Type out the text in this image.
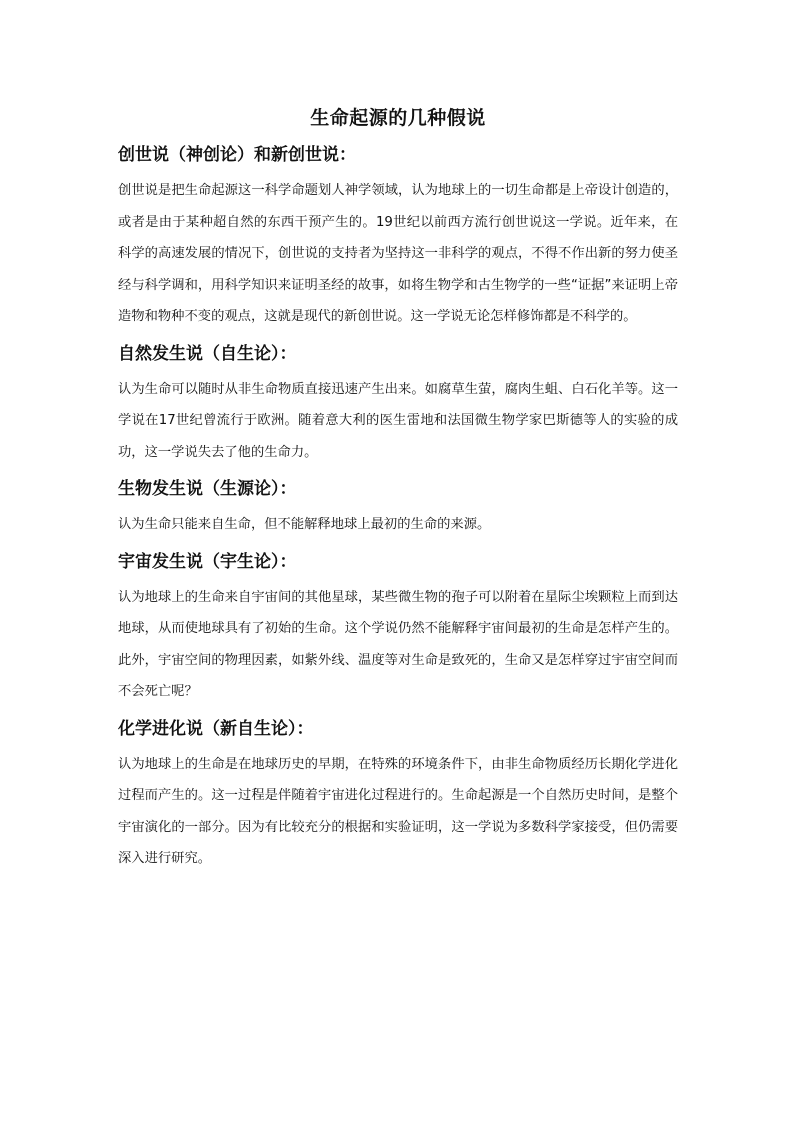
生命起源的几种假说
创世说（神创论）和新创世说：

创世说是把生命起源这一科学命题划人神学领域，认为地球上的一切生命都是上帝设计创造的，或者是由于某种超自然的东西干预产生的。19世纪以前西方流行创世说这一学说。近年来，在科学的高速发展的情况下，创世说的支持者为坚持这一非科学的观点，不得不作出新的努力使圣经与科学调和，用科学知识来证明圣经的故事，如将生物学和古生物学的一些“证据”来证明上帝造物和物种不变的观点，这就是现代的新创世说。这一学说无论怎样修饰都是不科学的。

自然发生说（自生论）：

认为生命可以随时从非生命物质直接迅速产生出来。如腐草生萤，腐肉生蛆、白石化羊等。这一学说在17世纪曾流行于欧洲。随着意大利的医生雷地和法国微生物学家巴斯德等人的实验的成功，这一学说失去了他的生命力。

生物发生说（生源论）：

认为生命只能来自生命，但不能解释地球上最初的生命的来源。

宇宙发生说（宇生论）：

认为地球上的生命来自宇宙间的其他星球，某些微生物的孢子可以附着在星际尘埃颗粒上而到达地球，从而使地球具有了初始的生命。这个学说仍然不能解释宇宙间最初的生命是怎样产生的。此外，宇宙空间的物理因素，如紫外线、温度等对生命是致死的，生命又是怎样穿过宇宙空间而不会死亡呢？

化学进化说（新自生论）：

认为地球上的生命是在地球历史的早期，在特殊的环境条件下，由非生命物质经历长期化学进化过程而产生的。这一过程是伴随着宇宙进化过程进行的。生命起源是一个自然历史时间，是整个宇宙演化的一部分。因为有比较充分的根据和实验证明，这一学说为多数科学家接受，但仍需要深入进行研究。
